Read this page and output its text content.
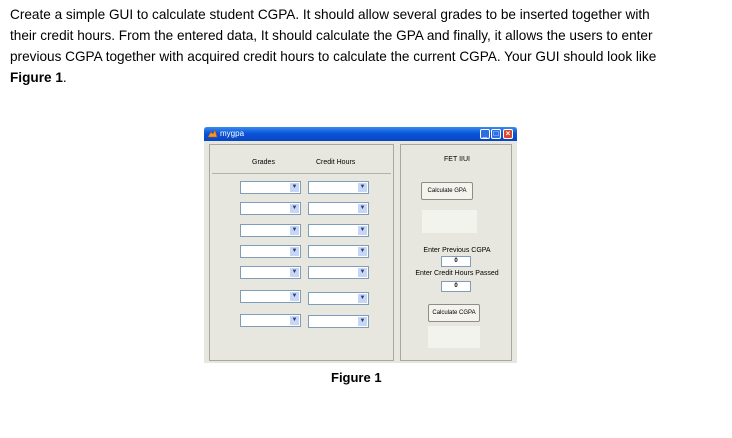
Create a simple GUI to calculate student CGPA. It should allow several grades to be inserted together with
their credit hours. From the entered data, It should calculate the GPA and finally, it allows the users to enter
previous CGPA together with acquired credit hours to calculate the current CGPA. Your GUI should look like
Figure 1.
mygpa	_ □ ×
Grades	Credit Hours
▼	▼
▼	▼
▼	▼
▼	▼
▼	▼
▼	▼
▼	▼
FET IIUI
Calculate GPA
Enter Previous CGPA
0
Enter Credit Hours Passed
0
Calculate CGPA
Figure 1
